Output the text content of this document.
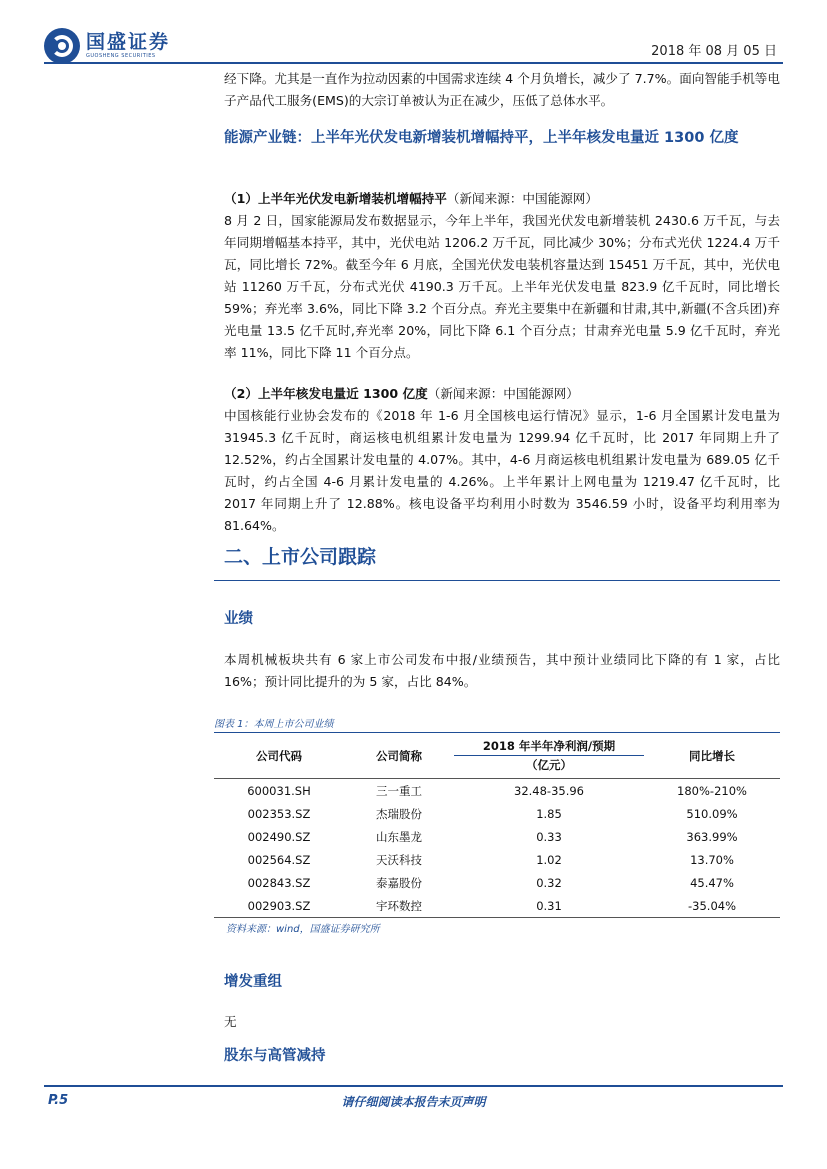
国盛证券
GUOSHENG SECURITIES	2018 年 08 月 05 日

经下降。尤其是一直作为拉动因素的中国需求连续 4 个月负增长，减少了 7.7%。面向智能手机等电子产品代工服务(EMS)的大宗订单被认为正在减少，压低了总体水平。

能源产业链：上半年光伏发电新增装机增幅持平，上半年核发电量近 1300 亿度

（1）上半年光伏发电新增装机增幅持平（新闻来源：中国能源网）

8 月 2 日，国家能源局发布数据显示，今年上半年，我国光伏发电新增装机 2430.6 万千瓦，与去年同期增幅基本持平，其中，光伏电站 1206.2 万千瓦，同比减少 30%；分布式光伏 1224.4 万千瓦，同比增长 72%。截至今年 6 月底，全国光伏发电装机容量达到 15451 万千瓦，其中，光伏电站 11260 万千瓦，分布式光伏 4190.3 万千瓦。上半年光伏发电量 823.9 亿千瓦时，同比增长 59%；弃光率 3.6%，同比下降 3.2 个百分点。弃光主要集中在新疆和甘肃,其中,新疆(不含兵团)弃光电量 13.5 亿千瓦时,弃光率 20%，同比下降 6.1 个百分点；甘肃弃光电量 5.9 亿千瓦时，弃光率 11%，同比下降 11 个百分点。

（2）上半年核发电量近 1300 亿度（新闻来源：中国能源网）

中国核能行业协会发布的《2018 年 1-6 月全国核电运行情况》显示，1-6 月全国累计发电量为 31945.3 亿千瓦时，商运核电机组累计发电量为 1299.94 亿千瓦时，比 2017 年同期上升了 12.52%，约占全国累计发电量的 4.07%。其中，4-6 月商运核电机组累计发电量为 689.05 亿千瓦时，约占全国 4-6 月累计发电量的 4.26%。上半年累计上网电量为 1219.47 亿千瓦时，比 2017 年同期上升了 12.88%。核电设备平均利用小时数为 3546.59 小时，设备平均利用率为 81.64%。

二、上市公司跟踪

业绩

本周机械板块共有 6 家上市公司发布中报/业绩预告，其中预计业绩同比下降的有 1 家，占比 16%；预计同比提升的为 5 家，占比 84%。

图表 1：本周上市公司业绩
公司代码	公司简称	2018 年半年净利润/预期	同比增长
		（亿元）	
600031.SH	三一重工	32.48-35.96	180%-210%
002353.SZ	杰瑞股份	1.85	510.09%
002490.SZ	山东墨龙	0.33	363.99%
002564.SZ	天沃科技	1.02	13.70%
002843.SZ	泰嘉股份	0.32	45.47%
002903.SZ	宇环数控	0.31	-35.04%
资料来源：wind，国盛证券研究所

增发重组

无

股东与高管减持

P.5	请仔细阅读本报告末页声明
